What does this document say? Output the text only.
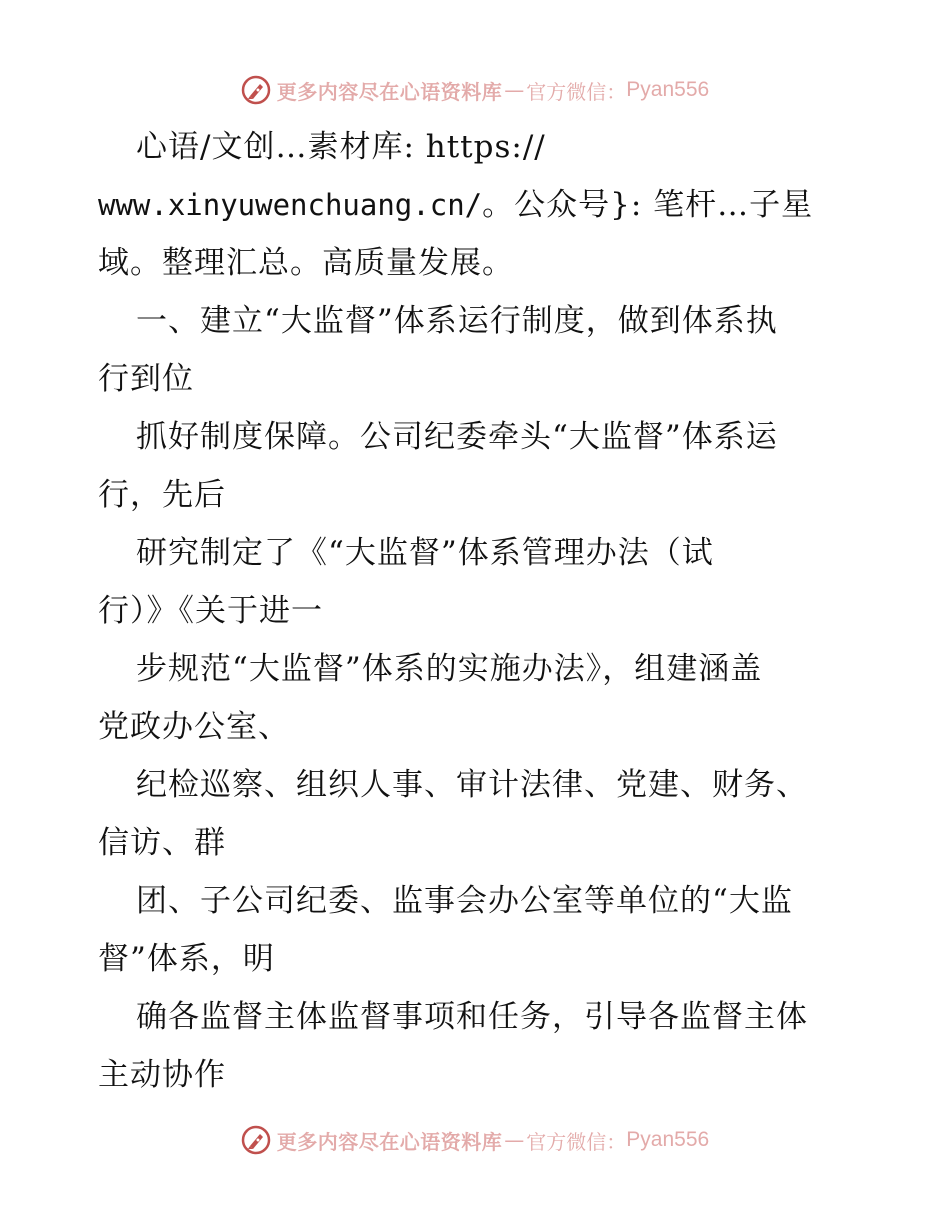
更多内容尽在心语资料库 — 官方微信： Pyan556
心语/文创…素材库: https://
www.xinyuwenchuang.cn/。公众号}: 笔杆…子星
域。整理汇总。高质量发展。
一、建立“大监督”体系运行制度，做到体系执
行到位
抓好制度保障。公司纪委牵头“大监督”体系运
行，先后
研究制定了《“大监督”体系管理办法（试
行）》《关于进一
步规范“大监督”体系的实施办法》，组建涵盖
党政办公室、
纪检巡察、组织人事、审计法律、党建、财务、
信访、群
团、子公司纪委、监事会办公室等单位的“大监
督”体系，明
确各监督主体监督事项和任务，引导各监督主体
主动协作
更多内容尽在心语资料库 — 官方微信： Pyan556
